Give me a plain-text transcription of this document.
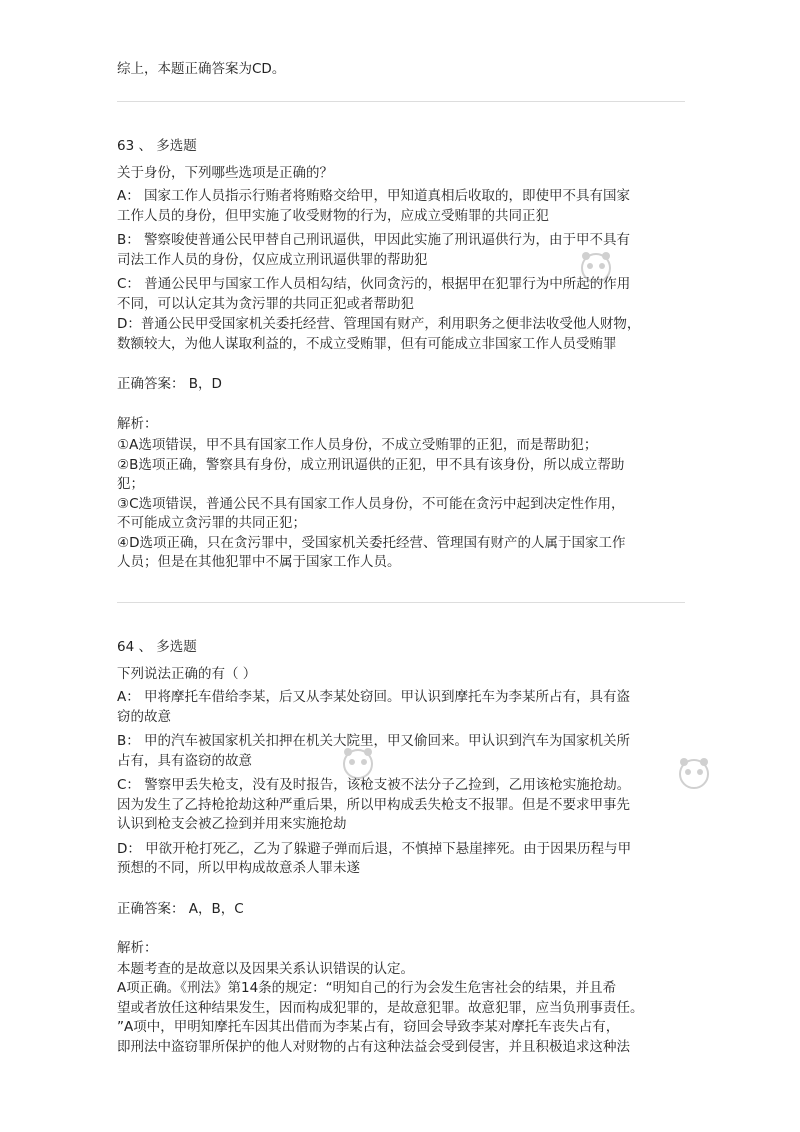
综上，本题正确答案为CD。
63 、 多选题
关于身份，下列哪些选项是正确的？
A： 国家工作人员指示行贿者将贿赂交给甲，甲知道真相后收取的，即使甲不具有国家
工作人员的身份，但甲实施了收受财物的行为，应成立受贿罪的共同正犯
B： 警察唆使普通公民甲替自己刑讯逼供，甲因此实施了刑讯逼供行为，由于甲不具有
司法工作人员的身份，仅应成立刑讯逼供罪的帮助犯
C： 普通公民甲与国家工作人员相勾结，伙同贪污的，根据甲在犯罪行为中所起的作用
不同，可以认定其为贪污罪的共同正犯或者帮助犯
D：普通公民甲受国家机关委托经营、管理国有财产，利用职务之便非法收受他人财物，
数额较大，为他人谋取利益的，不成立受贿罪，但有可能成立非国家工作人员受贿罪
正确答案： B，D
解析：
①A选项错误，甲不具有国家工作人员身份，不成立受贿罪的正犯，而是帮助犯；
②B选项正确，警察具有身份，成立刑讯逼供的正犯，甲不具有该身份，所以成立帮助
犯；
③C选项错误，普通公民不具有国家工作人员身份，不可能在贪污中起到决定性作用，
不可能成立贪污罪的共同正犯；
④D选项正确，只在贪污罪中，受国家机关委托经营、管理国有财产的人属于国家工作
人员；但是在其他犯罪中不属于国家工作人员。
64 、 多选题
下列说法正确的有（ ）
A： 甲将摩托车借给李某，后又从李某处窃回。甲认识到摩托车为李某所占有，具有盗
窃的故意
B： 甲的汽车被国家机关扣押在机关大院里，甲又偷回来。甲认识到汽车为国家机关所
占有，具有盗窃的故意
C： 警察甲丢失枪支，没有及时报告，该枪支被不法分子乙捡到，乙用该枪实施抢劫。
因为发生了乙持枪抢劫这种严重后果，所以甲构成丢失枪支不报罪。但是不要求甲事先
认识到枪支会被乙捡到并用来实施抢劫
D： 甲欲开枪打死乙，乙为了躲避子弹而后退，不慎掉下悬崖摔死。由于因果历程与甲
预想的不同，所以甲构成故意杀人罪未遂
正确答案： A，B，C
解析：
本题考查的是故意以及因果关系认识错误的认定。
A项正确。《刑法》第14条的规定：“明知自己的行为会发生危害社会的结果，并且希
望或者放任这种结果发生，因而构成犯罪的，是故意犯罪。故意犯罪，应当负刑事责任。
”A项中，甲明知摩托车因其出借而为李某占有，窃回会导致李某对摩托车丧失占有，
即刑法中盗窃罪所保护的他人对财物的占有这种法益会受到侵害，并且积极追求这种法
